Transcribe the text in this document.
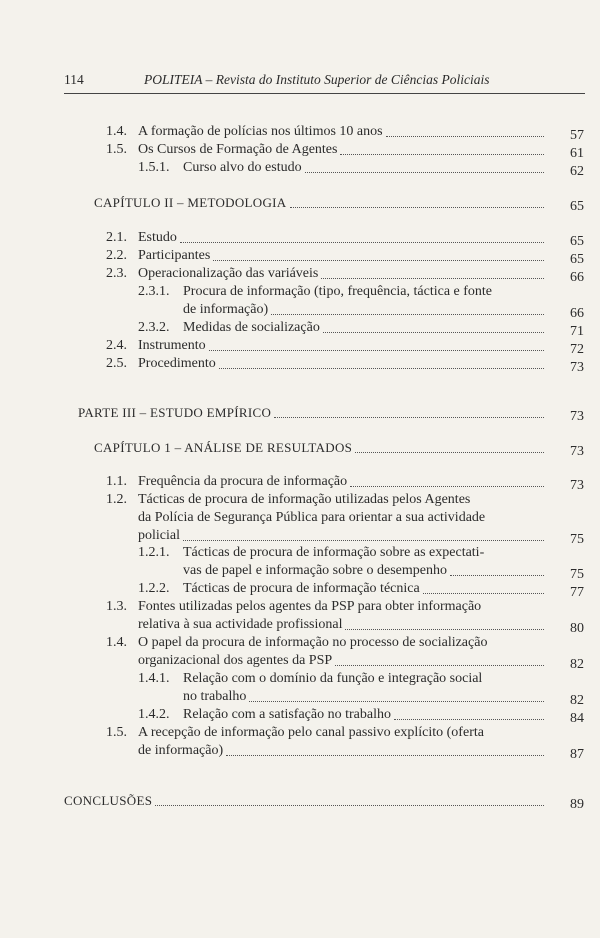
114	POLITEIA – Revista do Instituto Superior de Ciências Policiais
1.4. A formação de polícias nos últimos 10 anos	57
1.5. Os Cursos de Formação de Agentes	61
1.5.1. Curso alvo do estudo	62
CAPÍTULO II – METODOLOGIA	65
2.1. Estudo	65
2.2. Participantes	65
2.3. Operacionalização das variáveis	66
2.3.1. Procura de informação (tipo, frequência, táctica e fonte
de informação)	66
2.3.2. Medidas de socialização	71
2.4. Instrumento	72
2.5. Procedimento	73
PARTE III – ESTUDO EMPÍRICO	73
CAPÍTULO 1 – ANÁLISE DE RESULTADOS	73
1.1. Frequência da procura de informação	73
1.2. Tácticas de procura de informação utilizadas pelos Agentes
da Polícia de Segurança Pública para orientar a sua actividade
policial	75
1.2.1. Tácticas de procura de informação sobre as expectati-
vas de papel e informação sobre o desempenho	75
1.2.2. Tácticas de procura de informação técnica	77
1.3. Fontes utilizadas pelos agentes da PSP para obter informação
relativa à sua actividade profissional	80
1.4. O papel da procura de informação no processo de socialização
organizacional dos agentes da PSP	82
1.4.1. Relação com o domínio da função e integração social
no trabalho	82
1.4.2. Relação com a satisfação no trabalho	84
1.5. A recepção de informação pelo canal passivo explícito (oferta
de informação)	87
CONCLUSÕES	89
